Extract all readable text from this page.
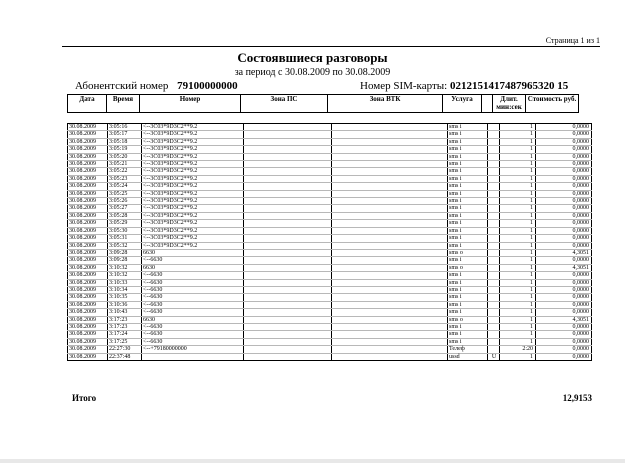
Страница 1 из 1
Состоявшиеся разговоры
за период с 30.08.2009 по 30.08.2009
Абонентский номер 79100000000	Номер SIM-карты: 0212151417487965320 15
Дата	Время	Номер	Зона ПС	Зона ВТК	Услуга		Длит. мин:сек	Стоимость руб.
30.08.2009	3:05:16	<--3C03*9D3C2**9.2			sms i		1	0,0000
30.08.2009	3:05:17	<--3C03*9D3C2**9.2			sms i		1	0,0000
30.08.2009	3:05:18	<--3C03*9D3C2**9.2			sms i		1	0,0000
30.08.2009	3:05:19	<--3C03*9D3C2**9.2			sms i		1	0,0000
30.08.2009	3:05:20	<--3C03*9D3C2**9.2			sms i		1	0,0000
30.08.2009	3:05:21	<--3C03*9D3C2**9.2			sms i		1	0,0000
30.08.2009	3:05:22	<--3C03*9D3C2**9.2			sms i		1	0,0000
30.08.2009	3:05:23	<--3C03*9D3C2**9.2			sms i		1	0,0000
30.08.2009	3:05:24	<--3C03*9D3C2**9.2			sms i		1	0,0000
30.08.2009	3:05:25	<--3C03*9D3C2**9.2			sms i		1	0,0000
30.08.2009	3:05:26	<--3C03*9D3C2**9.2			sms i		1	0,0000
30.08.2009	3:05:27	<--3C03*9D3C2**9.2			sms i		1	0,0000
30.08.2009	3:05:28	<--3C03*9D3C2**9.2			sms i		1	0,0000
30.08.2009	3:05:29	<--3C03*9D3C2**9.2			sms i		1	0,0000
30.08.2009	3:05:30	<--3C03*9D3C2**9.2			sms i		1	0,0000
30.08.2009	3:05:31	<--3C03*9D3C2**9.2			sms i		1	0,0000
30.08.2009	3:05:32	<--3C03*9D3C2**9.2			sms i		1	0,0000
30.08.2009	3:09:28	6630			sms o		1	4,3051
30.08.2009	3:09:28	<--6630			sms i		1	0,0000
30.08.2009	3:10:32	6630			sms o		1	4,3051
30.08.2009	3:10:32	<--6630			sms i		1	0,0000
30.08.2009	3:10:33	<--6630			sms i		1	0,0000
30.08.2009	3:10:34	<--6630			sms i		1	0,0000
30.08.2009	3:10:35	<--6630			sms i		1	0,0000
30.08.2009	3:10:36	<--6630			sms i		1	0,0000
30.08.2009	3:10:43	<--6630			sms i		1	0,0000
30.08.2009	3:17:23	6630			sms o		1	4,3051
30.08.2009	3:17:23	<--6630			sms i		1	0,0000
30.08.2009	3:17:24	<--6630			sms i		1	0,0000
30.08.2009	3:17:25	<--6630			sms i		1	0,0000
30.08.2009	22:27:30	<--+79180000000			Телеф		2:20	0,0000
30.08.2009	22:37:48				ussd	U	1	0,0000
Итого	12,9153
